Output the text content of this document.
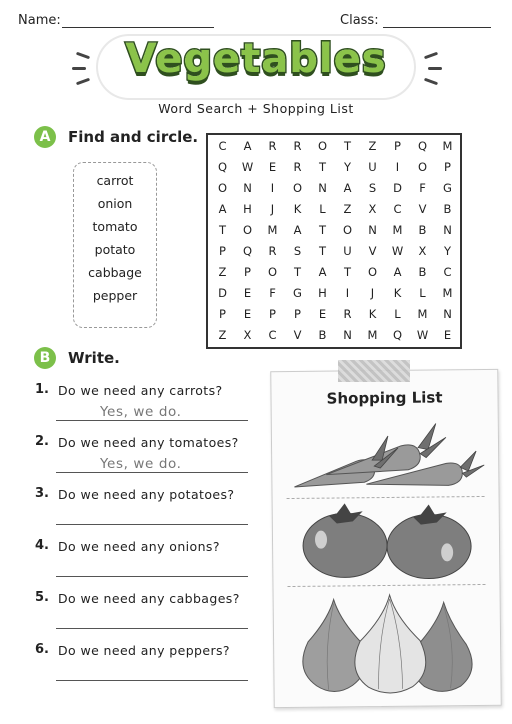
Name:	Class:
Vegetables
Word Search + Shopping List
A	Find and circle.
carrot
onion
tomato
potato
cabbage
pepper
C	A	R	R	O	T	Z	P	Q	M
Q	W	E	R	T	Y	U	I	O	P
O	N	I	O	N	A	S	D	F	G
A	H	J	K	L	Z	X	C	V	B
T	O	M	A	T	O	N	M	B	N
P	Q	R	S	T	U	V	W	X	Y
Z	P	O	T	A	T	O	A	B	C
D	E	F	G	H	I	J	K	L	M
P	E	P	P	E	R	K	L	M	N
Z	X	C	V	B	N	M	Q	W	E
B	Write.
1. Do we need any carrots?
Yes, we do.
2. Do we need any tomatoes?
Yes, we do.
3. Do we need any potatoes?
4. Do we need any onions?
5. Do we need any cabbages?
6. Do we need any peppers?
Shopping List
